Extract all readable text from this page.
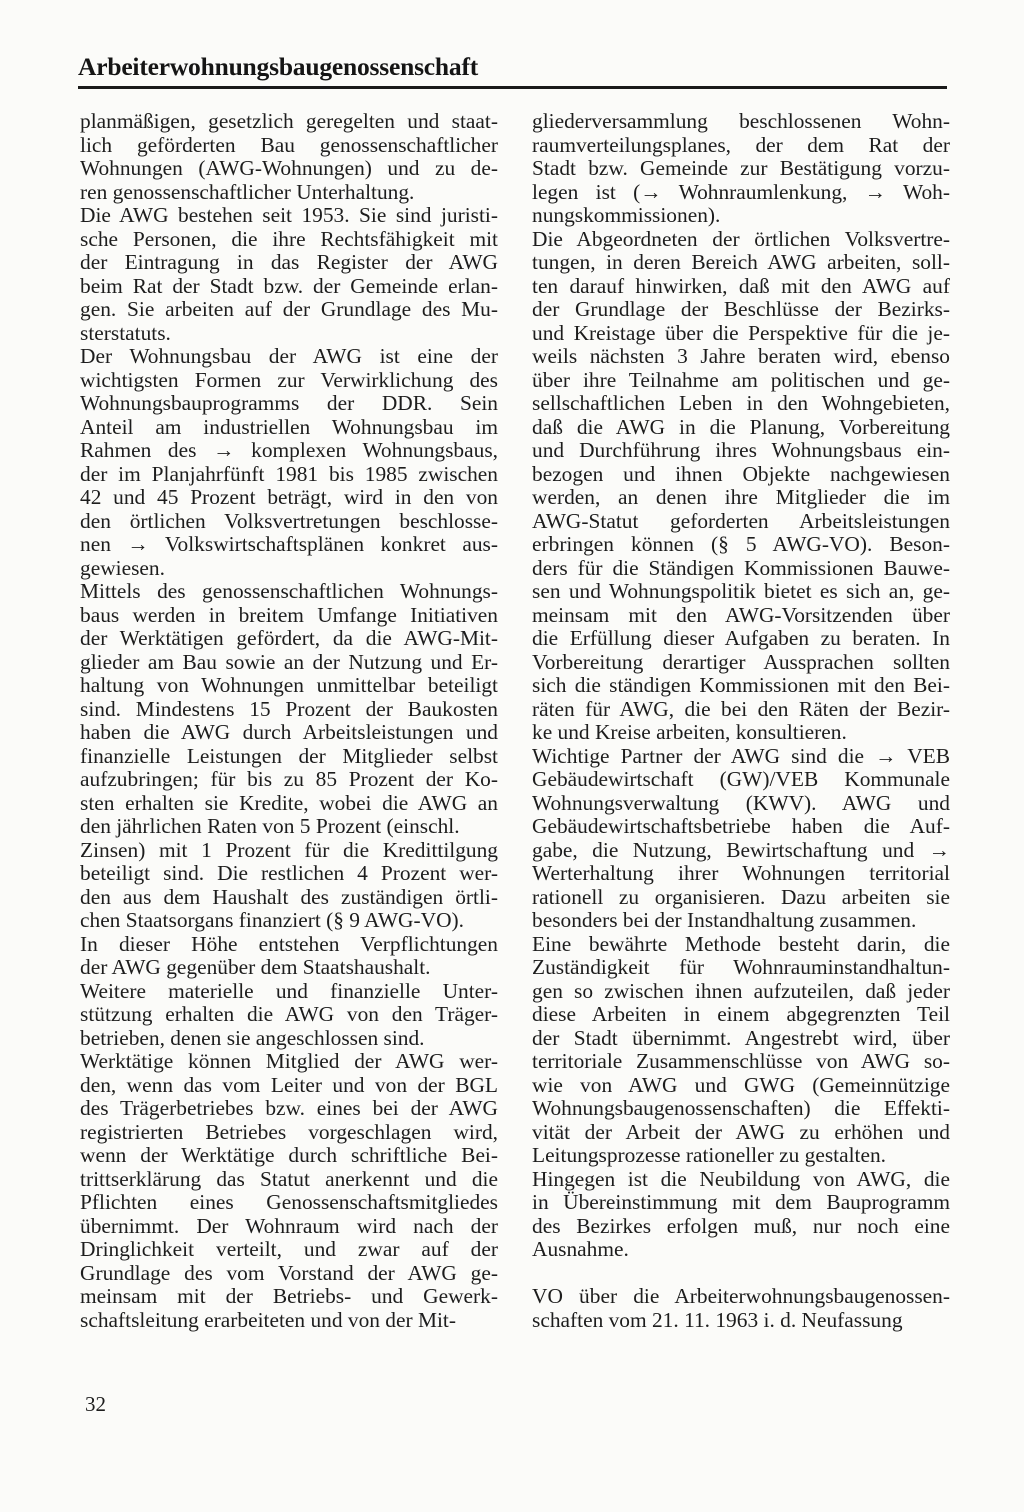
Arbeiterwohnungsbaugenossenschaft
planmäßigen, gesetzlich geregelten und staat-
lich geförderten Bau genossenschaftlicher
Wohnungen (AWG-Wohnungen) und zu de-
ren genossenschaftlicher Unterhaltung.
Die AWG bestehen seit 1953. Sie sind juristi-
sche Personen, die ihre Rechtsfähigkeit mit
der Eintragung in das Register der AWG
beim Rat der Stadt bzw. der Gemeinde erlan-
gen. Sie arbeiten auf der Grundlage des Mu-
sterstatuts.
Der Wohnungsbau der AWG ist eine der
wichtigsten Formen zur Verwirklichung des
Wohnungsbauprogramms der DDR. Sein
Anteil am industriellen Wohnungsbau im
Rahmen des → komplexen Wohnungsbaus,
der im Planjahrfünft 1981 bis 1985 zwischen
42 und 45 Prozent beträgt, wird in den von
den örtlichen Volksvertretungen beschlosse-
nen → Volkswirtschaftsplänen konkret aus-
gewiesen.
Mittels des genossenschaftlichen Wohnungs-
baus werden in breitem Umfange Initiativen
der Werktätigen gefördert, da die AWG-Mit-
glieder am Bau sowie an der Nutzung und Er-
haltung von Wohnungen unmittelbar beteiligt
sind. Mindestens 15 Prozent der Baukosten
haben die AWG durch Arbeitsleistungen und
finanzielle Leistungen der Mitglieder selbst
aufzubringen; für bis zu 85 Prozent der Ko-
sten erhalten sie Kredite, wobei die AWG an
den jährlichen Raten von 5 Prozent (einschl.
Zinsen) mit 1 Prozent für die Kredittilgung
beteiligt sind. Die restlichen 4 Prozent wer-
den aus dem Haushalt des zuständigen örtli-
chen Staatsorgans finanziert (§ 9 AWG-VO).
In dieser Höhe entstehen Verpflichtungen
der AWG gegenüber dem Staatshaushalt.
Weitere materielle und finanzielle Unter-
stützung erhalten die AWG von den Träger-
betrieben, denen sie angeschlossen sind.
Werktätige können Mitglied der AWG wer-
den, wenn das vom Leiter und von der BGL
des Trägerbetriebes bzw. eines bei der AWG
registrierten Betriebes vorgeschlagen wird,
wenn der Werktätige durch schriftliche Bei-
trittserklärung das Statut anerkennt und die
Pflichten eines Genossenschaftsmitgliedes
übernimmt. Der Wohnraum wird nach der
Dringlichkeit verteilt, und zwar auf der
Grundlage des vom Vorstand der AWG ge-
meinsam mit der Betriebs- und Gewerk-
schaftsleitung erarbeiteten und von der Mit-
gliederversammlung beschlossenen Wohn-
raumverteilungsplanes, der dem Rat der
Stadt bzw. Gemeinde zur Bestätigung vorzu-
legen ist (→ Wohnraumlenkung, → Woh-
nungskommissionen).
Die Abgeordneten der örtlichen Volksvertre-
tungen, in deren Bereich AWG arbeiten, soll-
ten darauf hinwirken, daß mit den AWG auf
der Grundlage der Beschlüsse der Bezirks-
und Kreistage über die Perspektive für die je-
weils nächsten 3 Jahre beraten wird, ebenso
über ihre Teilnahme am politischen und ge-
sellschaftlichen Leben in den Wohngebieten,
daß die AWG in die Planung, Vorbereitung
und Durchführung ihres Wohnungsbaus ein-
bezogen und ihnen Objekte nachgewiesen
werden, an denen ihre Mitglieder die im
AWG-Statut geforderten Arbeitsleistungen
erbringen können (§ 5 AWG-VO). Beson-
ders für die Ständigen Kommissionen Bauwe-
sen und Wohnungspolitik bietet es sich an, ge-
meinsam mit den AWG-Vorsitzenden über
die Erfüllung dieser Aufgaben zu beraten. In
Vorbereitung derartiger Aussprachen sollten
sich die ständigen Kommissionen mit den Bei-
räten für AWG, die bei den Räten der Bezir-
ke und Kreise arbeiten, konsultieren.
Wichtige Partner der AWG sind die → VEB
Gebäudewirtschaft (GW)/VEB Kommunale
Wohnungsverwaltung (KWV). AWG und
Gebäudewirtschaftsbetriebe haben die Auf-
gabe, die Nutzung, Bewirtschaftung und →
Werterhaltung ihrer Wohnungen territorial
rationell zu organisieren. Dazu arbeiten sie
besonders bei der Instandhaltung zusammen.
Eine bewährte Methode besteht darin, die
Zuständigkeit für Wohnrauminstandhaltun-
gen so zwischen ihnen aufzuteilen, daß jeder
diese Arbeiten in einem abgegrenzten Teil
der Stadt übernimmt. Angestrebt wird, über
territoriale Zusammenschlüsse von AWG so-
wie von AWG und GWG (Gemeinnützige
Wohnungsbaugenossenschaften) die Effekti-
vität der Arbeit der AWG zu erhöhen und
Leitungsprozesse rationeller zu gestalten.
Hingegen ist die Neubildung von AWG, die
in Übereinstimmung mit dem Bauprogramm
des Bezirkes erfolgen muß, nur noch eine
Ausnahme.
VO über die Arbeiterwohnungsbaugenossen-
schaften vom 21. 11. 1963 i. d. Neufassung
32
